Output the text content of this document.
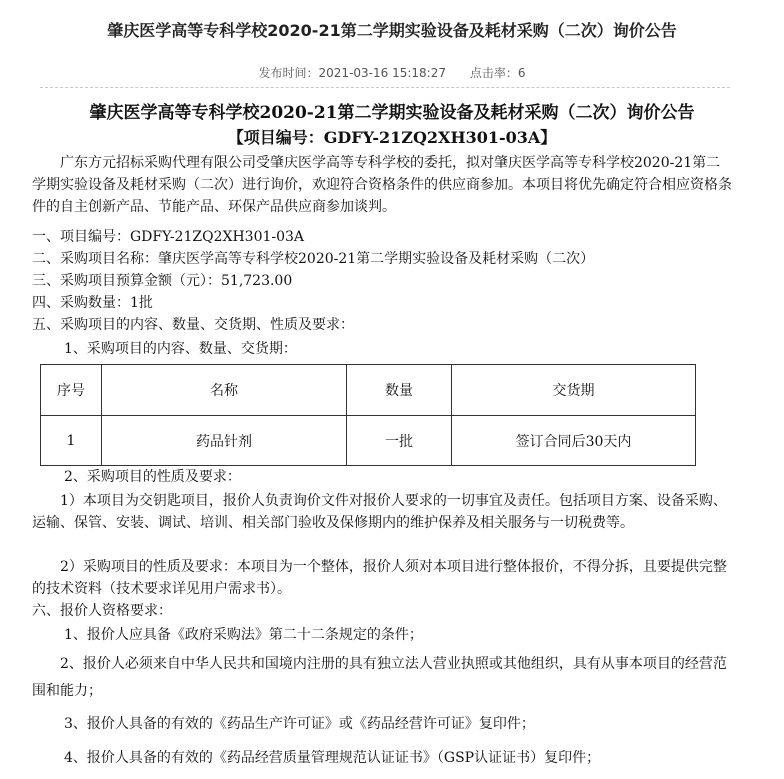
肇庆医学高等专科学校2020-21第二学期实验设备及耗材采购（二次）询价公告
发布时间：2021-03-16 15:18:27 点击率：6
肇庆医学高等专科学校2020-21第二学期实验设备及耗材采购（二次）询价公告
【项目编号：GDFY-21ZQ2XH301-03A】
　　广东方元招标采购代理有限公司受肇庆医学高等专科学校的委托，拟对肇庆医学高等专科学校2020-21第二学期实验设备及耗材采购（二次）进行询价，欢迎符合资格条件的供应商参加。本项目将优先确定符合相应资格条件的自主创新产品、节能产品、环保产品供应商参加谈判。
一、项目编号：GDFY-21ZQ2XH301-03A
二、采购项目名称：肇庆医学高等专科学校2020-21第二学期实验设备及耗材采购（二次）
三、采购项目预算金额（元）：51,723.00
四、采购数量：1批
五、采购项目的内容、数量、交货期、性质及要求：
1、采购项目的内容、数量、交货期：
序号	名称	数量	交货期
1	药品针剂	一批	签订合同后30天内
2、采购项目的性质及要求：
　　1）本项目为交钥匙项目，报价人负责询价文件对报价人要求的一切事宜及责任。包括项目方案、设备采购、运输、保管、安装、调试、培训、相关部门验收及保修期内的维护保养及相关服务与一切税费等。
　　2）采购项目的性质及要求：本项目为一个整体，报价人须对本项目进行整体报价，不得分拆，且要提供完整的技术资料（技术要求详见用户需求书）。
六、报价人资格要求：
1、报价人应具备《政府采购法》第二十二条规定的条件；
　　2、报价人必须来自中华人民共和国境内注册的具有独立法人营业执照或其他组织，具有从事本项目的经营范围和能力；
3、报价人具备的有效的《药品生产许可证》或《药品经营许可证》复印件；
4、报价人具备的有效的《药品经营质量管理规范认证证书》（GSP认证证书）复印件；
